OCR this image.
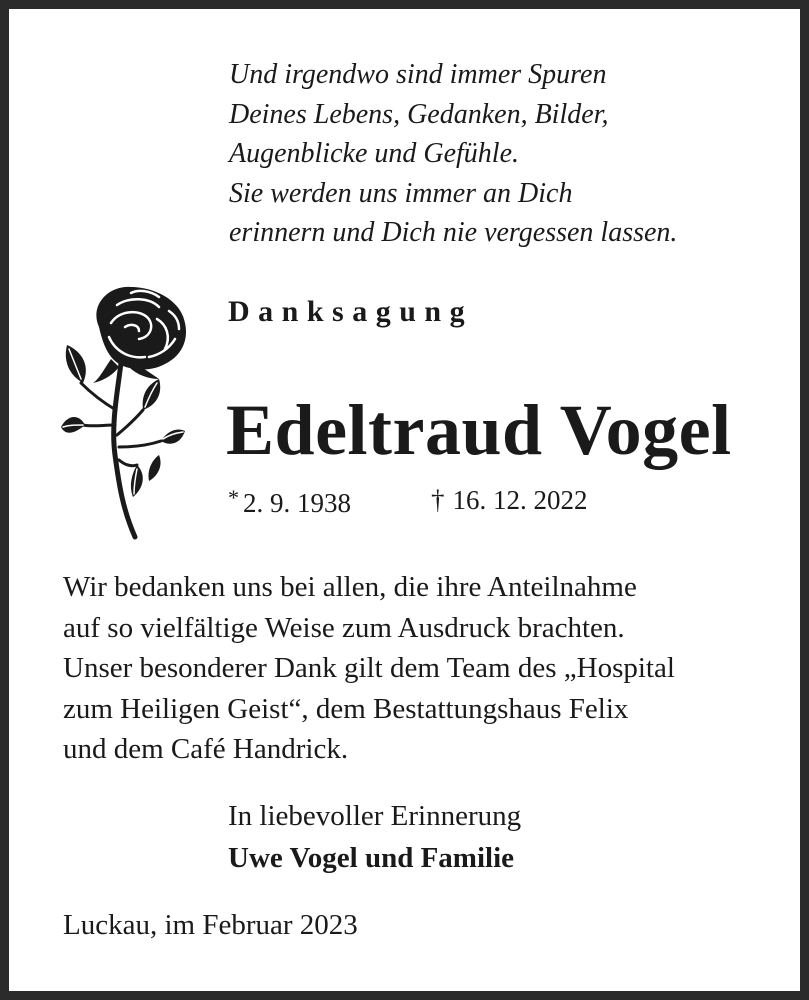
Und irgendwo sind immer Spuren
Deines Lebens, Gedanken, Bilder,
Augenblicke und Gefühle.
Sie werden uns immer an Dich
erinnern und Dich nie vergessen lassen.
Danksagung
Edeltraud Vogel
* 2. 9. 1938	† 16. 12. 2022
Wir bedanken uns bei allen, die ihre Anteilnahme
auf so vielfältige Weise zum Ausdruck brachten.
Unser besonderer Dank gilt dem Team des „Hospital
zum Heiligen Geist“, dem Bestattungshaus Felix
und dem Café Handrick.
In liebevoller Erinnerung
Uwe Vogel und Familie
Luckau, im Februar 2023
